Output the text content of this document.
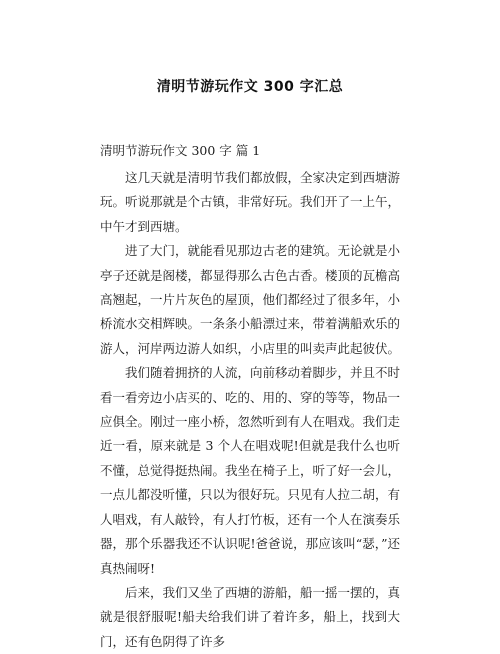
清明节游玩作文 300 字汇总
清明节游玩作文 300 字 篇 1

这几天就是清明节我们都放假，全家决定到西塘游玩。听说那就是个古镇，非常好玩。我们开了一上午，中午才到西塘。

进了大门，就能看见那边古老的建筑。无论就是小亭子还就是阁楼，都显得那么古色古香。楼顶的瓦檐高高翘起，一片片灰色的屋顶，他们都经过了很多年，小桥流水交相辉映。一条条小船漂过来，带着满船欢乐的游人，河岸两边游人如织，小店里的叫卖声此起彼伏。

我们随着拥挤的人流，向前移动着脚步，并且不时看一看旁边小店买的、吃的、用的、穿的等等，物品一应俱全。刚过一座小桥，忽然听到有人在唱戏。我们走近一看，原来就是 3 个人在唱戏呢!但就是我什么也听不懂，总觉得挺热闹。我坐在椅子上，听了好一会儿，一点儿都没听懂，只以为很好玩。只见有人拉二胡，有人唱戏，有人敲铃，有人打竹板，还有一个人在演奏乐器，那个乐器我还不认识呢!爸爸说，那应该叫“瑟，”还真热闹呀!

后来，我们又坐了西塘的游船，船一摇一摆的，真就是很舒服呢!船夫给我们讲了着许多，船上，找到大门，还有色阴得了许多
